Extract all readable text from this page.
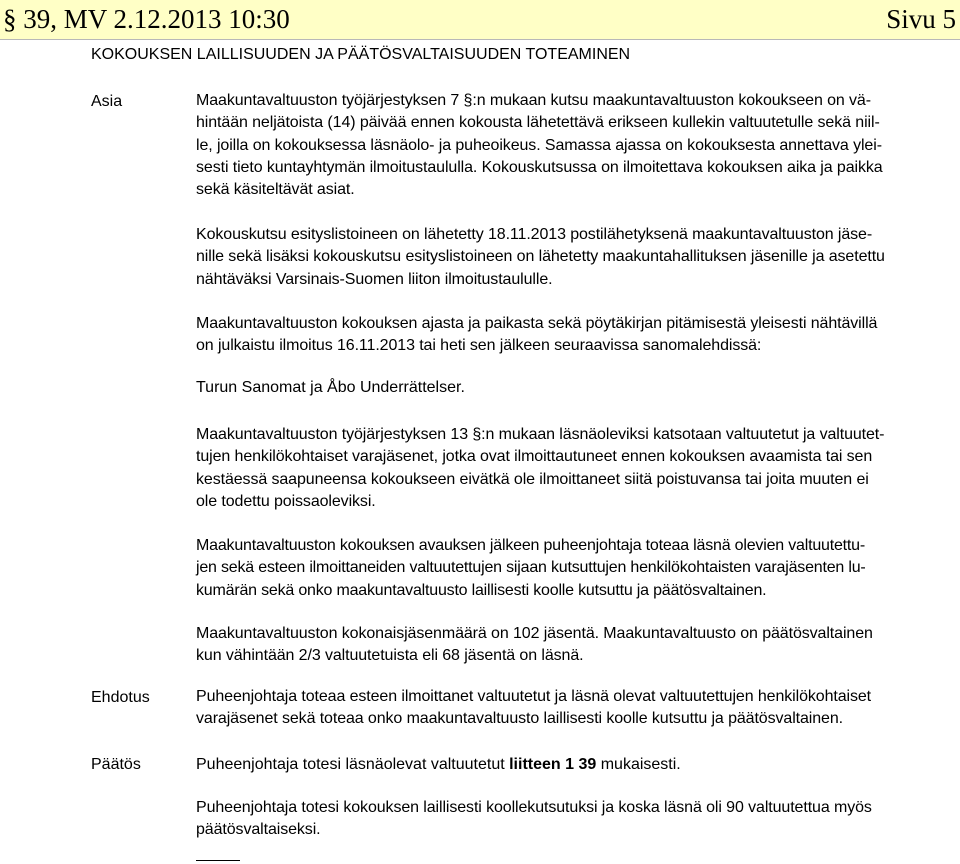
§ 39, MV 2.12.2013 10:30	Sivu 5
KOKOUKSEN LAILLISUUDEN JA PÄÄTÖSVALTAISUUDEN TOTEAMINEN
Asia	Maakuntavaltuuston työjärjestyksen 7 §:n mukaan kutsu maakuntavaltuuston kokoukseen on vä-
hintään neljätoista (14) päivää ennen kokousta lähetettävä erikseen kullekin valtuutetulle sekä niil-
le, joilla on kokouksessa läsnäolo- ja puheoikeus. Samassa ajassa on kokouksesta annettava ylei-
sesti tieto kuntayhtymän ilmoitustaululla. Kokouskutsussa on ilmoitettava kokouksen aika ja paikka
sekä käsiteltävät asiat.
Kokouskutsu esityslistoineen on lähetetty 18.11.2013 postilähetyksenä maakuntavaltuuston jäse-
nille sekä lisäksi kokouskutsu esityslistoineen on lähetetty maakuntahallituksen jäsenille ja asetettu
nähtäväksi Varsinais-Suomen liiton ilmoitustaululle.
Maakuntavaltuuston kokouksen ajasta ja paikasta sekä pöytäkirjan pitämisestä yleisesti nähtävillä
on julkaistu ilmoitus 16.11.2013 tai heti sen jälkeen seuraavissa sanomalehdissä:
Turun Sanomat ja Åbo Underrättelser.
Maakuntavaltuuston työjärjestyksen 13 §:n mukaan läsnäoleviksi katsotaan valtuutetut ja valtuutet-
tujen henkilökohtaiset varajäsenet, jotka ovat ilmoittautuneet ennen kokouksen avaamista tai sen
kestäessä saapuneensa kokoukseen eivätkä ole ilmoittaneet siitä poistuvansa tai joita muuten ei
ole todettu poissaoleviksi.
Maakuntavaltuuston kokouksen avauksen jälkeen puheenjohtaja toteaa läsnä olevien valtuutettu-
jen sekä esteen ilmoittaneiden valtuutettujen sijaan kutsuttujen henkilökohtaisten varajäsenten lu-
kumärän sekä onko maakuntavaltuusto laillisesti koolle kutsuttu ja päätösvaltainen.
Maakuntavaltuuston kokonaisjäsenmäärä on 102 jäsentä. Maakuntavaltuusto on päätösvaltainen
kun vähintään 2/3 valtuutetuista eli 68 jäsentä on läsnä.
Ehdotus	Puheenjohtaja toteaa esteen ilmoittanet valtuutetut ja läsnä olevat valtuutettujen henkilökohtaiset
varajäsenet sekä toteaa onko maakuntavaltuusto laillisesti koolle kutsuttu ja päätösvaltainen.
Päätös	Puheenjohtaja totesi läsnäolevat valtuutetut liitteen 1 39 mukaisesti.
Puheenjohtaja totesi kokouksen laillisesti koollekutsutuksi ja koska läsnä oli 90 valtuutettua myös
päätösvaltaiseksi.
